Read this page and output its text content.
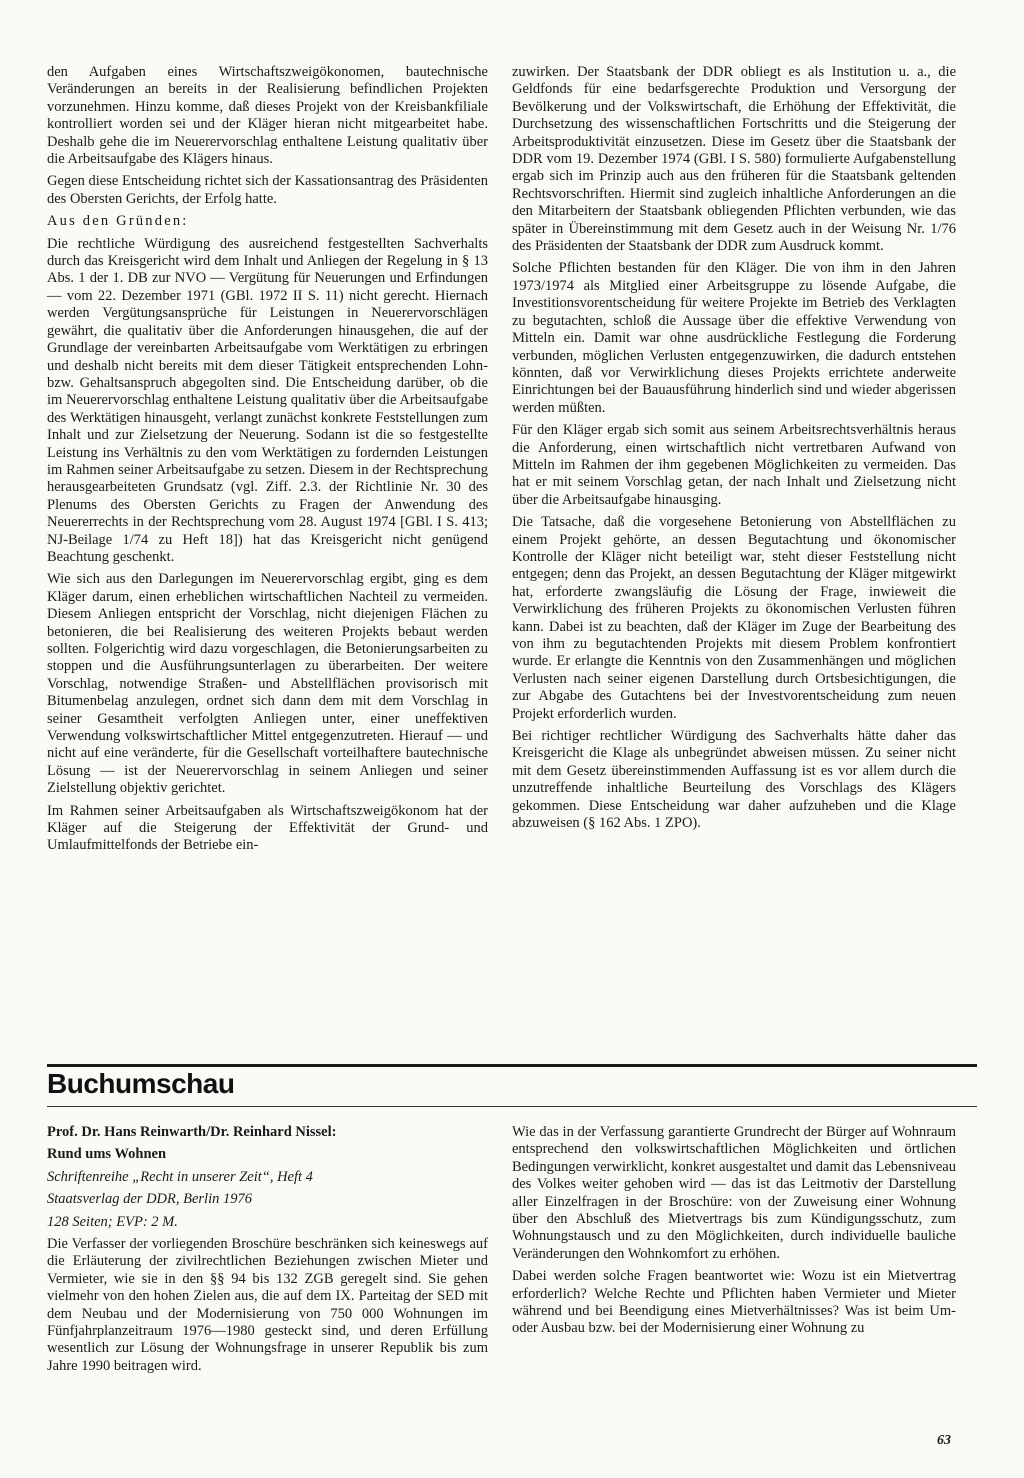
den Aufgaben eines Wirtschaftszweigökonomen, bautechnische Veränderungen an bereits in der Realisierung befindlichen Projekten vorzunehmen. Hinzu komme, daß dieses Projekt von der Kreisbankfiliale kontrolliert worden sei und der Kläger hieran nicht mitgearbeitet habe. Deshalb gehe die im Neuerervorschlag enthaltene Leistung qualitativ über die Arbeitsaufgabe des Klägers hinaus.

Gegen diese Entscheidung richtet sich der Kassationsantrag des Präsidenten des Obersten Gerichts, der Erfolg hatte.

Aus den Gründen:

Die rechtliche Würdigung des ausreichend festgestellten Sachverhalts durch das Kreisgericht wird dem Inhalt und Anliegen der Regelung in § 13 Abs. 1 der 1. DB zur NVO — Vergütung für Neuerungen und Erfindungen — vom 22. Dezember 1971 (GBl. 1972 II S. 11) nicht gerecht. Hiernach werden Vergütungsansprüche für Leistungen in Neuerervorschlägen gewährt, die qualitativ über die Anforderungen hinausgehen, die auf der Grundlage der vereinbarten Arbeitsaufgabe vom Werktätigen zu erbringen und deshalb nicht bereits mit dem dieser Tätigkeit entsprechenden Lohn- bzw. Gehaltsanspruch abgegolten sind. Die Entscheidung darüber, ob die im Neuerervorschlag enthaltene Leistung qualitativ über die Arbeitsaufgabe des Werktätigen hinausgeht, verlangt zunächst konkrete Feststellungen zum Inhalt und zur Zielsetzung der Neuerung. Sodann ist die so festgestellte Leistung ins Verhältnis zu den vom Werktätigen zu fordernden Leistungen im Rahmen seiner Arbeitsaufgabe zu setzen. Diesem in der Rechtsprechung herausgearbeiteten Grundsatz (vgl. Ziff. 2.3. der Richtlinie Nr. 30 des Plenums des Obersten Gerichts zu Fragen der Anwendung des Neuererrechts in der Rechtsprechung vom 28. August 1974 [GBl. I S. 413; NJ-Beilage 1/74 zu Heft 18]) hat das Kreisgericht nicht genügend Beachtung geschenkt.

Wie sich aus den Darlegungen im Neuerervorschlag ergibt, ging es dem Kläger darum, einen erheblichen wirtschaftlichen Nachteil zu vermeiden. Diesem Anliegen entspricht der Vorschlag, nicht diejenigen Flächen zu betonieren, die bei Realisierung des weiteren Projekts bebaut werden sollten. Folgerichtig wird dazu vorgeschlagen, die Betonierungsarbeiten zu stoppen und die Ausführungsunterlagen zu überarbeiten. Der weitere Vorschlag, notwendige Straßen- und Abstellflächen provisorisch mit Bitumenbelag anzulegen, ordnet sich dann dem mit dem Vorschlag in seiner Gesamtheit verfolgten Anliegen unter, einer uneffektiven Verwendung volkswirtschaftlicher Mittel entgegenzutreten. Hierauf — und nicht auf eine veränderte, für die Gesellschaft vorteilhaftere bautechnische Lösung — ist der Neuerervorschlag in seinem Anliegen und seiner Zielstellung objektiv gerichtet.

Im Rahmen seiner Arbeitsaufgaben als Wirtschaftszweigökonom hat der Kläger auf die Steigerung der Effektivität der Grund- und Umlaufmittelfonds der Betriebe ein-

zuwirken. Der Staatsbank der DDR obliegt es als Institution u. a., die Geldfonds für eine bedarfsgerechte Produktion und Versorgung der Bevölkerung und der Volkswirtschaft, die Erhöhung der Effektivität, die Durchsetzung des wissenschaftlichen Fortschritts und die Steigerung der Arbeitsproduktivität einzusetzen. Diese im Gesetz über die Staatsbank der DDR vom 19. Dezember 1974 (GBl. I S. 580) formulierte Aufgabenstellung ergab sich im Prinzip auch aus den früheren für die Staatsbank geltenden Rechtsvorschriften. Hiermit sind zugleich inhaltliche Anforderungen an die den Mitarbeitern der Staatsbank obliegenden Pflichten verbunden, wie das später in Übereinstimmung mit dem Gesetz auch in der Weisung Nr. 1/76 des Präsidenten der Staatsbank der DDR zum Ausdruck kommt.

Solche Pflichten bestanden für den Kläger. Die von ihm in den Jahren 1973/1974 als Mitglied einer Arbeitsgruppe zu lösende Aufgabe, die Investitionsvorentscheidung für weitere Projekte im Betrieb des Verklagten zu begutachten, schloß die Aussage über die effektive Verwendung von Mitteln ein. Damit war ohne ausdrückliche Festlegung die Forderung verbunden, möglichen Verlusten entgegenzuwirken, die dadurch entstehen könnten, daß vor Verwirklichung dieses Projekts errichtete anderweite Einrichtungen bei der Bauausführung hinderlich sind und wieder abgerissen werden müßten.

Für den Kläger ergab sich somit aus seinem Arbeitsrechtsverhältnis heraus die Anforderung, einen wirtschaftlich nicht vertretbaren Aufwand von Mitteln im Rahmen der ihm gegebenen Möglichkeiten zu vermeiden. Das hat er mit seinem Vorschlag getan, der nach Inhalt und Zielsetzung nicht über die Arbeitsaufgabe hinausging.

Die Tatsache, daß die vorgesehene Betonierung von Abstellflächen zu einem Projekt gehörte, an dessen Begutachtung und ökonomischer Kontrolle der Kläger nicht beteiligt war, steht dieser Feststellung nicht entgegen; denn das Projekt, an dessen Begutachtung der Kläger mitgewirkt hat, erforderte zwangsläufig die Lösung der Frage, inwieweit die Verwirklichung des früheren Projekts zu ökonomischen Verlusten führen kann. Dabei ist zu beachten, daß der Kläger im Zuge der Bearbeitung des von ihm zu begutachtenden Projekts mit diesem Problem konfrontiert wurde. Er erlangte die Kenntnis von den Zusammenhängen und möglichen Verlusten nach seiner eigenen Darstellung durch Ortsbesichtigungen, die zur Abgabe des Gutachtens bei der Investvorentscheidung zum neuen Projekt erforderlich wurden.

Bei richtiger rechtlicher Würdigung des Sachverhalts hätte daher das Kreisgericht die Klage als unbegründet abweisen müssen. Zu seiner nicht mit dem Gesetz übereinstimmenden Auffassung ist es vor allem durch die unzutreffende inhaltliche Beurteilung des Vorschlags des Klägers gekommen. Diese Entscheidung war daher aufzuheben und die Klage abzuweisen (§ 162 Abs. 1 ZPO).

Buchumschau

Prof. Dr. Hans Reinwarth/Dr. Reinhard Nissel:

Rund ums Wohnen

Schriftenreihe „Recht in unserer Zeit“, Heft 4

Staatsverlag der DDR, Berlin 1976

128 Seiten; EVP: 2 M.

Die Verfasser der vorliegenden Broschüre beschränken sich keineswegs auf die Erläuterung der zivilrechtlichen Beziehungen zwischen Mieter und Vermieter, wie sie in den §§ 94 bis 132 ZGB geregelt sind. Sie gehen vielmehr von den hohen Zielen aus, die auf dem IX. Parteitag der SED mit dem Neubau und der Modernisierung von 750 000 Wohnungen im Fünfjahrplanzeitraum 1976—1980 gesteckt sind, und deren Erfüllung wesentlich zur Lösung der Wohnungsfrage in unserer Republik bis zum Jahre 1990 beitragen wird.

Wie das in der Verfassung garantierte Grundrecht der Bürger auf Wohnraum entsprechend den volkswirtschaftlichen Möglichkeiten und örtlichen Bedingungen verwirklicht, konkret ausgestaltet und damit das Lebensniveau des Volkes weiter gehoben wird — das ist das Leitmotiv der Darstellung aller Einzelfragen in der Broschüre: von der Zuweisung einer Wohnung über den Abschluß des Mietvertrags bis zum Kündigungsschutz, zum Wohnungstausch und zu den Möglichkeiten, durch individuelle bauliche Veränderungen den Wohnkomfort zu erhöhen.

Dabei werden solche Fragen beantwortet wie: Wozu ist ein Mietvertrag erforderlich? Welche Rechte und Pflichten haben Vermieter und Mieter während und bei Beendigung eines Mietverhältnisses? Was ist beim Um- oder Ausbau bzw. bei der Modernisierung einer Wohnung zu

63
